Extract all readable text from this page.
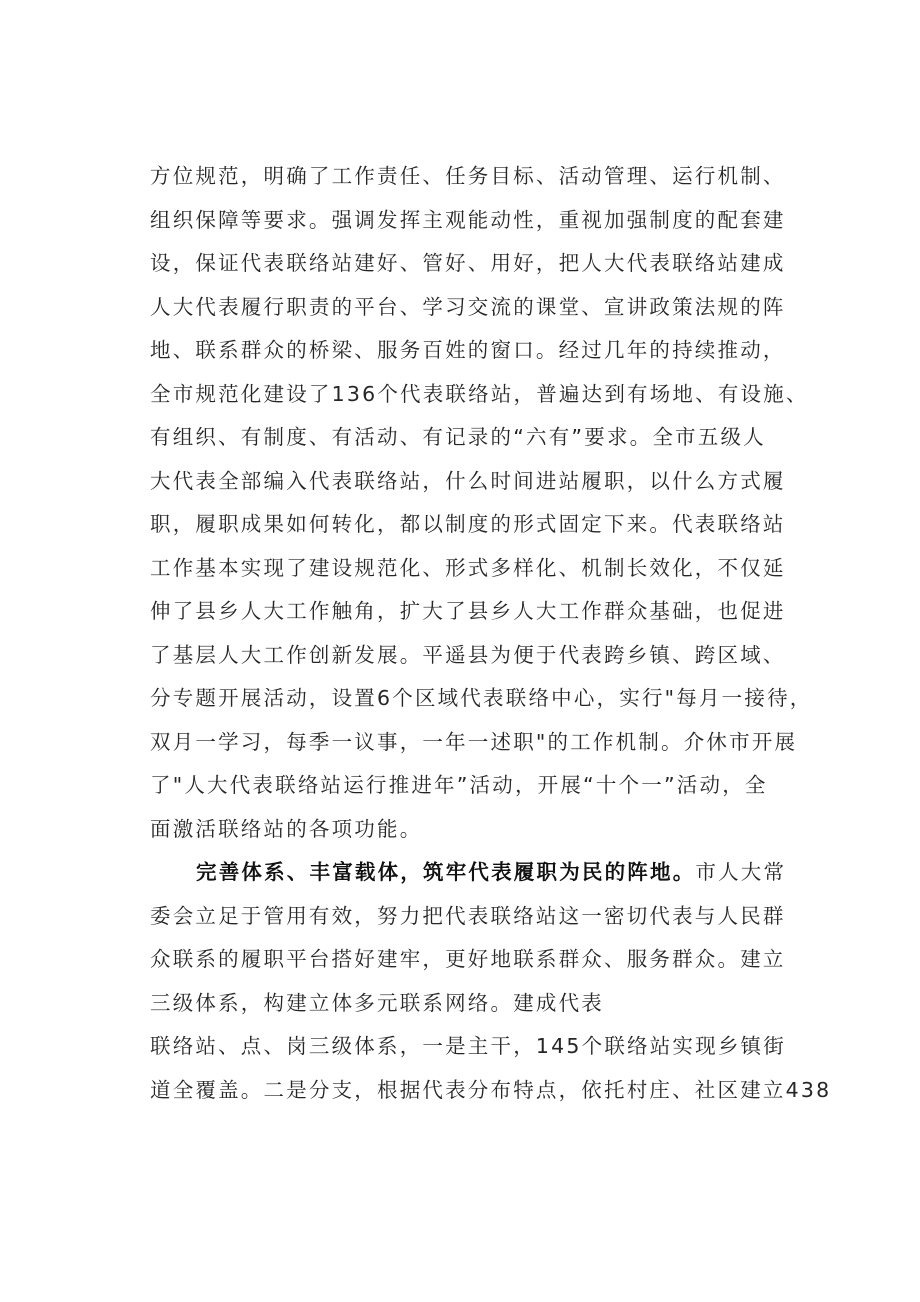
方位规范，明确了工作责任、任务目标、活动管理、运行机制、
组织保障等要求。强调发挥主观能动性，重视加强制度的配套建
设，保证代表联络站建好、管好、用好，把人大代表联络站建成
人大代表履行职责的平台、学习交流的课堂、宣讲政策法规的阵
地、联系群众的桥梁、服务百姓的窗口。经过几年的持续推动，
全市规范化建设了136个代表联络站，普遍达到有场地、有设施、
有组织、有制度、有活动、有记录的“六有”要求。全市五级人
大代表全部编入代表联络站，什么时间进站履职，以什么方式履
职，履职成果如何转化，都以制度的形式固定下来。代表联络站
工作基本实现了建设规范化、形式多样化、机制长效化，不仅延
伸了县乡人大工作触角，扩大了县乡人大工作群众基础，也促进
了基层人大工作创新发展。平遥县为便于代表跨乡镇、跨区域、
分专题开展活动，设置6个区域代表联络中心，实行"每月一接待，
双月一学习，每季一议事，一年一述职"的工作机制。介休市开展
了"人大代表联络站运行推进年”活动，开展“十个一”活动，全
面激活联络站的各项功能。
完善体系、丰富载体，筑牢代表履职为民的阵地。市人大常
委会立足于管用有效，努力把代表联络站这一密切代表与人民群
众联系的履职平台搭好建牢，更好地联系群众、服务群众。建立
三级体系，构建立体多元联系网络。建成代表
联络站、点、岗三级体系，一是主干，145个联络站实现乡镇街
道全覆盖。二是分支，根据代表分布特点，依托村庄、社区建立438
